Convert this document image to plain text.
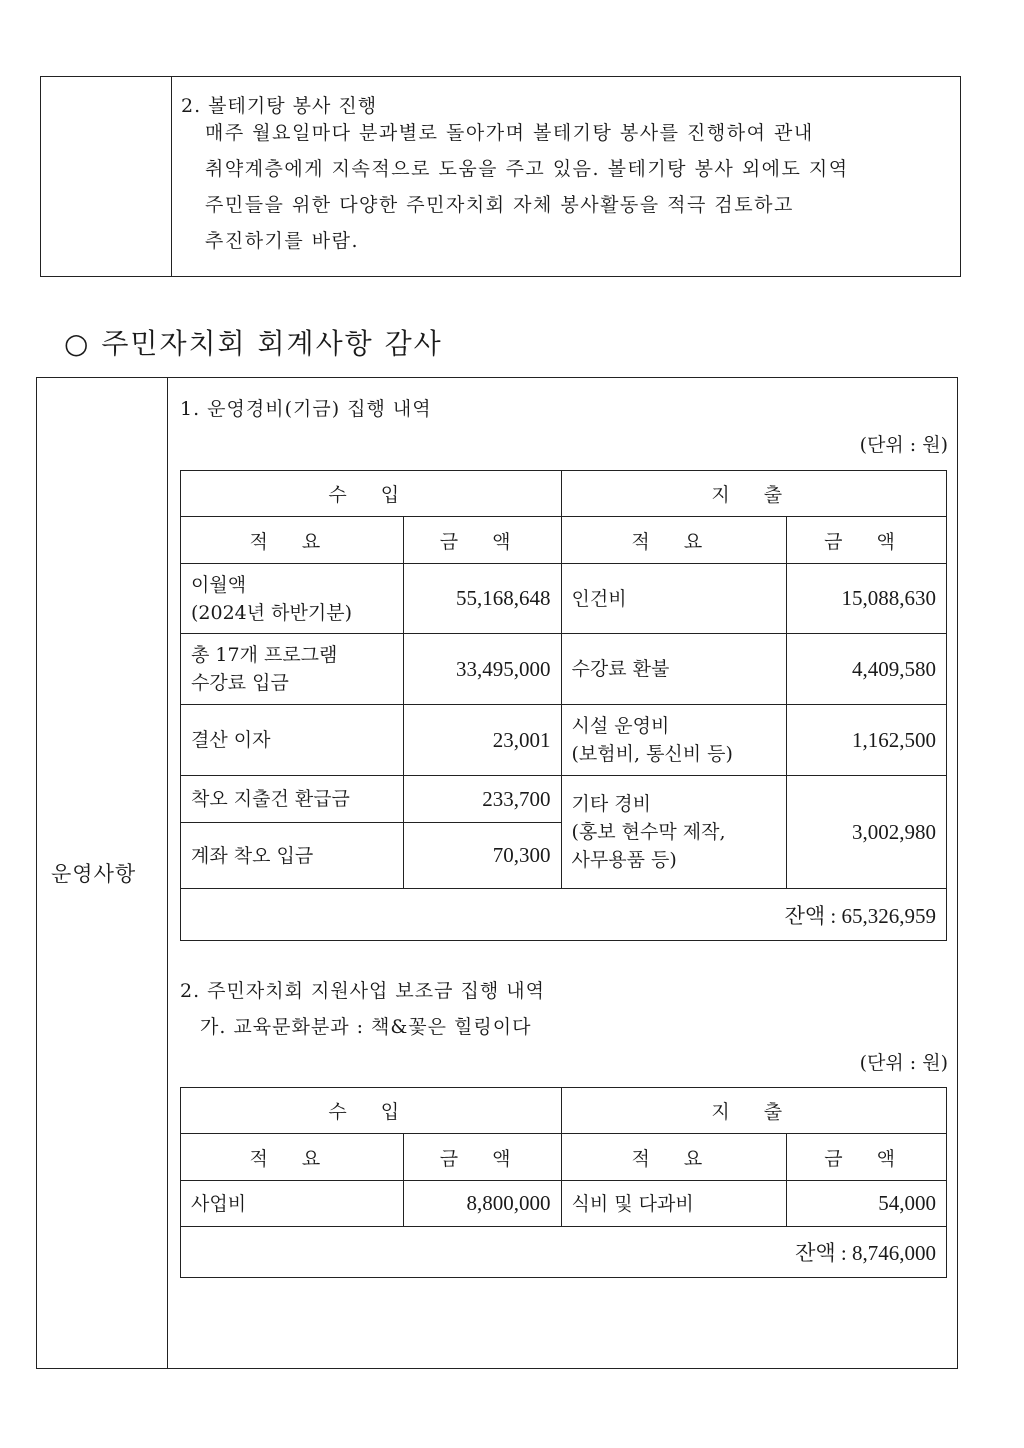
2. 볼테기탕 봉사 진행
매주 월요일마다 분과별로 돌아가며 볼테기탕 봉사를 진행하여 관내
취약계층에게 지속적으로 도움을 주고 있음. 볼테기탕 봉사 외에도 지역
주민들을 위한 다양한 주민자치회 자체 봉사활동을 적극 검토하고
추진하기를 바람.
○ 주민자치회 회계사항 감사
운영사항
1. 운영경비(기금) 집행 내역
(단위 : 원)
수 입		지 출	
적 요	금 액	적 요	금 액

이월액
(2024년 하반기분)	55,168,648	인건비	15,088,630

총 17개 프로그램
수강료 입금	33,495,000	수강료 환불	4,409,580

결산 이자	23,001	시설 운영비
(보험비, 통신비 등)	1,162,500

착오 지출건 환급금	233,700	기타 경비
(홍보 현수막 제작,
사무용품 등)	3,002,980

계좌 착오 입금	70,300		
잔액 : 65,326,959			
2. 주민자치회 지원사업 보조금 집행 내역
가. 교육문화분과 : 책&꽃은 힐링이다
(단위 : 원)
수 입		지 출	
적 요	금 액	적 요	금 액
사업비	8,800,000	식비 및 다과비	54,000
잔액 : 8,746,000			
